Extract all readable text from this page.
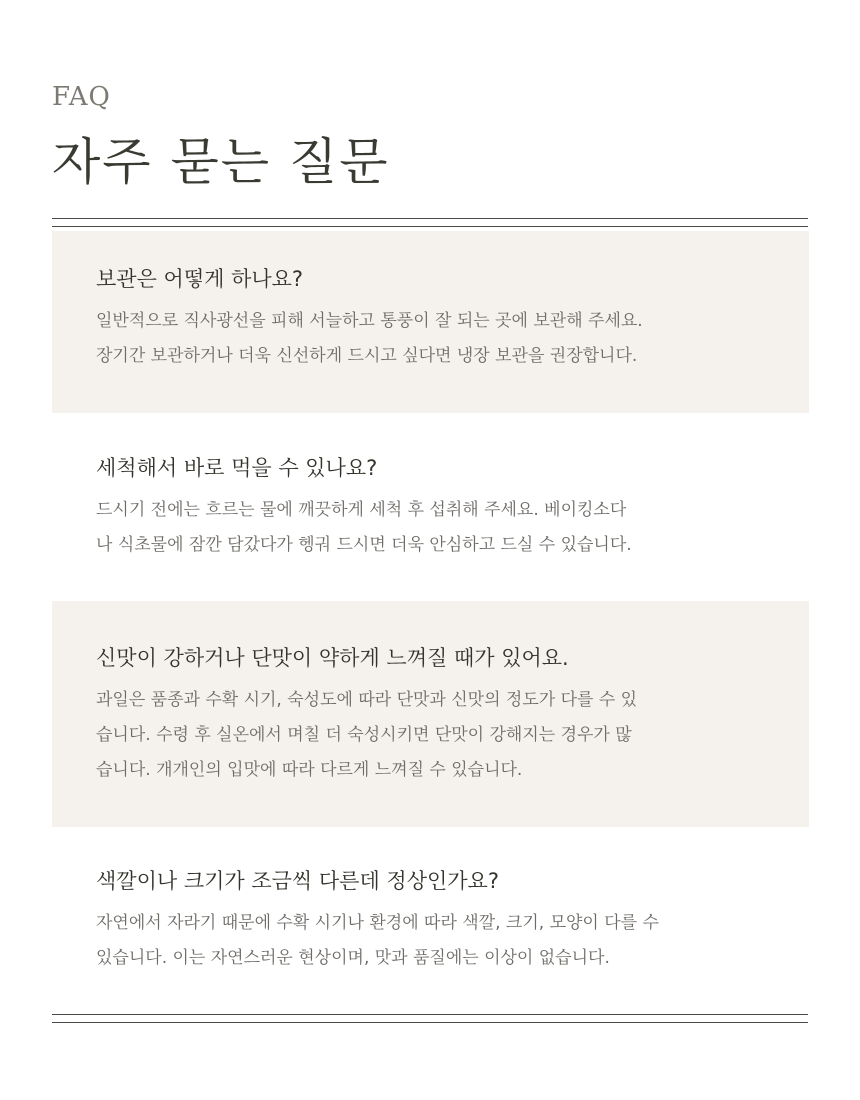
FAQ
자주 묻는 질문
보관은 어떻게 하나요?

일반적으로 직사광선을 피해 서늘하고 통풍이 잘 되는 곳에 보관해 주세요.
장기간 보관하거나 더욱 신선하게 드시고 싶다면 냉장 보관을 권장합니다.

세척해서 바로 먹을 수 있나요?

드시기 전에는 흐르는 물에 깨끗하게 세척 후 섭취해 주세요. 베이킹소다
나 식초물에 잠깐 담갔다가 헹궈 드시면 더욱 안심하고 드실 수 있습니다.

신맛이 강하거나 단맛이 약하게 느껴질 때가 있어요.

과일은 품종과 수확 시기, 숙성도에 따라 단맛과 신맛의 정도가 다를 수 있
습니다. 수령 후 실온에서 며칠 더 숙성시키면 단맛이 강해지는 경우가 많
습니다. 개개인의 입맛에 따라 다르게 느껴질 수 있습니다.

색깔이나 크기가 조금씩 다른데 정상인가요?

자연에서 자라기 때문에 수확 시기나 환경에 따라 색깔, 크기, 모양이 다를 수
있습니다. 이는 자연스러운 현상이며, 맛과 품질에는 이상이 없습니다.
